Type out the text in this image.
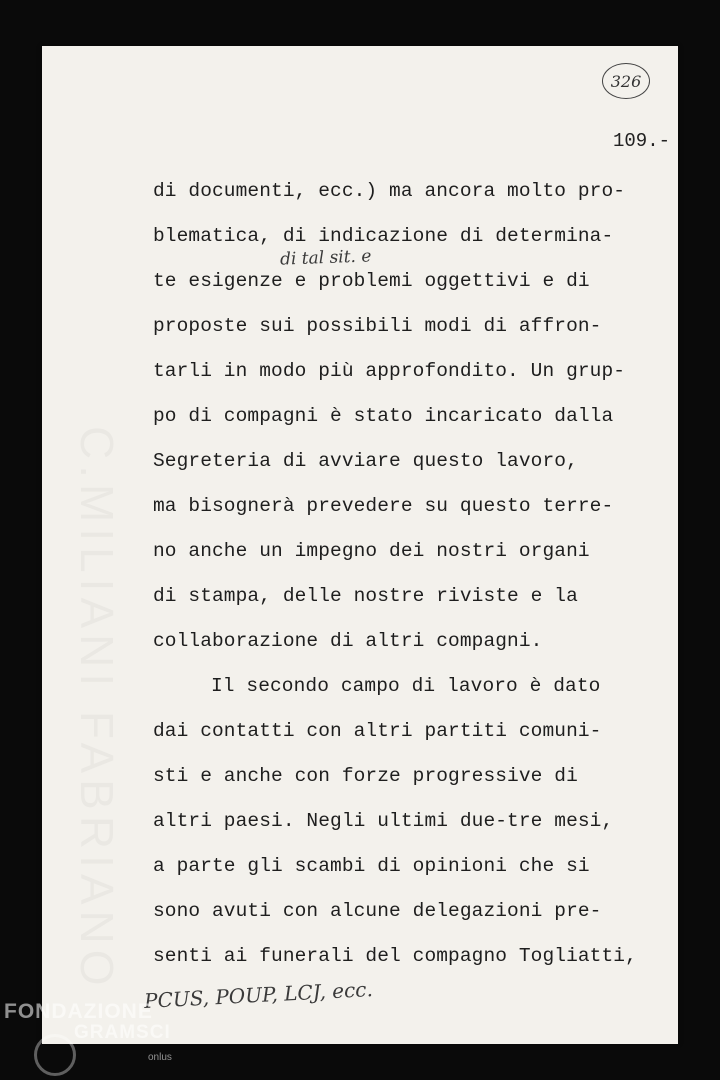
326
109.-
di documenti, ecc.) ma ancora molto pro-
blematica, di indicazione di determina-
te esigenze e problemi oggettivi e di
proposte sui possibili modi di affron-
tarli in modo più approfondito. Un grup-
po di compagni è stato incaricato dalla
Segreteria di avviare questo lavoro,
ma bisognerà prevedere su questo terre-
no anche un impegno dei nostri organi
di stampa, delle nostre riviste e la
collaborazione di altri compagni.
Il secondo campo di lavoro è dato
dai contatti con altri partiti comuni-
sti e anche con forze progressive di
altri paesi. Negli ultimi due-tre mesi,
a parte gli scambi di opinioni che si
sono avuti con alcune delegazioni pre-
senti ai funerali del compagno Togliatti,
di tal sit. e
PCUS, POUP, LCJ, ecc.
FONDAZIONE
GRAMSCI
onlus
